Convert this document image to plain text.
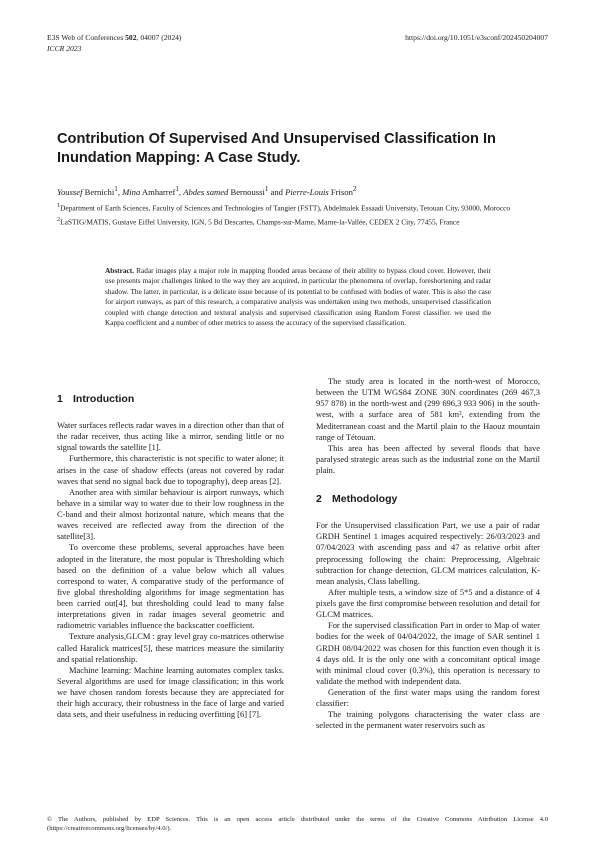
E3S Web of Conferences 502, 04007 (2024)
ICCR 2023
https://doi.org/10.1051/e3sconf/202450204007
Contribution Of Supervised And Unsupervised Classification In Inundation Mapping: A Case Study.
Youssef Bernichi$^1$, Mina Amharref$^1$, Abdes samed Bernoussi$^1$ and Pierre-Louis Frison$^2$

$^1$Department of Earth Sciences, Faculty of Sciences and Technologies of Tangier (FSTT), Abdelmalek Essaadi University, Tetouan City, 93000, Morocco

$^2$LaSTIG/MATIS, Gustave Eiffel University, IGN, 5 Bd Descartes, Champs-sur-Marne, Marne-la-Vallée, CEDEX 2 City, 77455, France

Abstract. Radar images play a major role in mapping flooded areas because of their ability to bypass cloud cover. However, their use presents major challenges linked to the way they are acquired, in particular the phenomena of overlap, foreshortening and radar shadow. The latter, in particular, is a delicate issue because of its potential to be confused with bodies of water. This is also the case for airport runways, as part of this research, a comparative analysis was undertaken using two methods, unsupervised classification coupled with change detection and textural analysis and supervised classification using Random Forest classifier. we used the Kappa coefficient and a number of other metrics to assess the accuracy of the supervised classification.

1 Introduction

Water surfaces reflects radar waves in a direction other than that of the radar receiver, thus acting like a mirror, sending little or no signal towards the satellite [1].

Furthermore, this characteristic is not specific to water alone; it arises in the case of shadow effects (areas not covered by radar waves that send no signal back due to topography), deep areas [2].

Another area with similar behaviour is airport runways, which behave in a similar way to water due to their low roughness in the C-band and their almost horizontal nature, which means that the waves received are reflected away from the direction of the satellite[3].

To overcome these problems, several approaches have been adopted in the literature, the most popular is Thresholding which based on the definition of a value below which all values correspond to water, A comparative study of the performance of five global thresholding algorithms for image segmentation has been carried out[4], but thresholding could lead to many false interpretations given in radar images several geometric and radiometric variables influence the backscatter coefficient.

Texture analysis,GLCM : gray level gray co-matrices otherwise called Haralick matrices[5], these matrices measure the similarity and spatial relationship.

Machine learning: Machine learning automates complex tasks. Several algorithms are used for image classification; in this work we have chosen random forests because they are appreciated for their high accuracy, their robustness in the face of large and varied data sets, and their usefulness in reducing overfitting [6] [7].

The study area is located in the north-west of Morocco, between the UTM WGS84 ZONE 30N coordinates (269 467,3 957 878) in the north-west and (299 696,3 933 906) in the south-west, with a surface area of 581 km², extending from the Mediterranean coast and the Martil plain to the Haouz mountain range of Tétouan.

This area has been affected by several floods that have paralysed strategic areas such as the industrial zone on the Martil plain.

2 Methodology

For the Unsupervised classification Part, we use a pair of radar GRDH Sentinel 1 images acquired respectively: 26/03/2023 and 07/04/2023 with ascending pass and 47 as relative orbit after preprocessing following the chain: Preprocessing, Algebraic subtraction for change detection, GLCM matrices calculation, K-mean analysis, Class labelling.

After multiple tests, a window size of 5*5 and a distance of 4 pixels gave the first compromise between resolution and detail for GLCM matrices.

For the supervised classification Part in order to Map of water bodies for the week of 04/04/2022, the image of SAR sentinel 1 GRDH 08/04/2022 was chosen for this function even though it is 4 days old. It is the only one with a concomitant optical image with minimal cloud cover (0.3%), this operation is necessary to validate the method with independent data.

Generation of the first water maps using the random forest classifier:

The training polygons characterising the water class are selected in the permanent water reservoirs such as

© The Authors, published by EDP Sciences. This is an open access article distributed under the terms of the Creative Commons Attribution License 4.0 (https://creativecommons.org/licenses/by/4.0/).
